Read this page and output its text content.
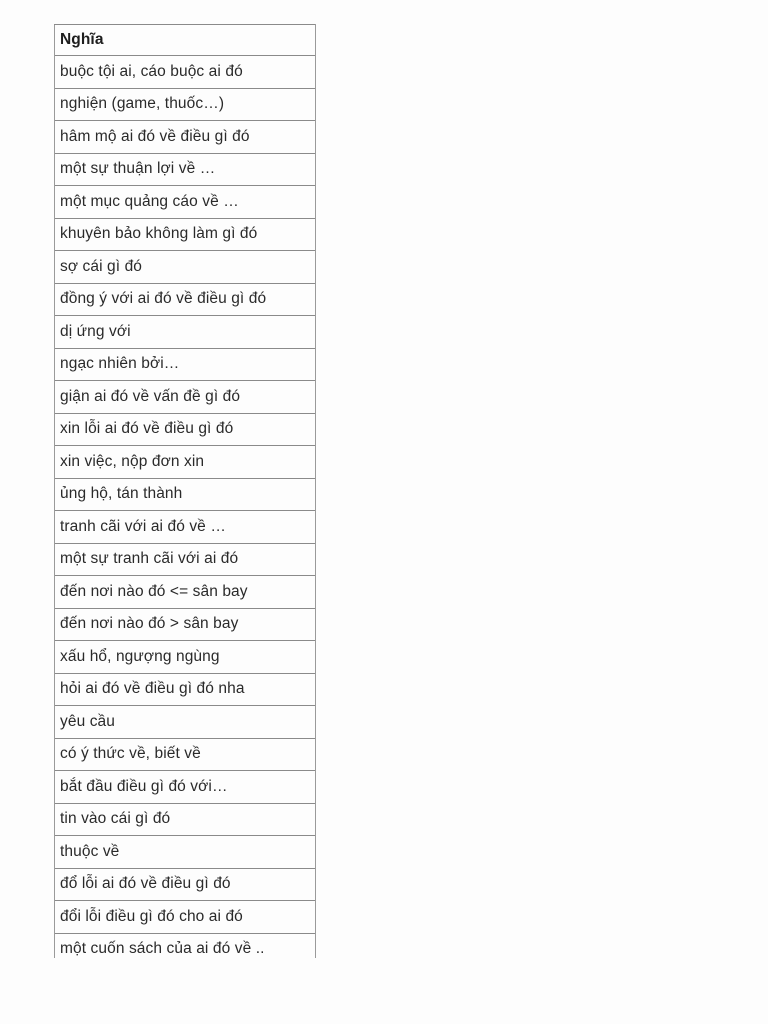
Nghĩa
buộc tội ai, cáo buộc ai đó
nghiện (game, thuốc…)
hâm mộ ai đó về điều gì đó
một sự thuận lợi về …
một mục quảng cáo về …
khuyên bảo không làm gì đó
sợ cái gì đó
đồng ý với ai đó về điều gì đó
dị ứng với
ngạc nhiên bởi…
giận ai đó về vấn đề gì đó
xin lỗi ai đó về điều gì đó
xin việc, nộp đơn xin
ủng hộ, tán thành
tranh cãi với ai đó về …
một sự tranh cãi với ai đó
đến nơi nào đó <= sân bay
đến nơi nào đó > sân bay
xấu hổ, ngượng ngùng
hỏi ai đó về điều gì đó nha
yêu cầu
có ý thức về, biết về
bắt đầu điều gì đó với…
tin vào cái gì đó
thuộc về
đổ lỗi ai đó về điều gì đó
đổi lỗi điều gì đó cho ai đó
một cuốn sách của ai đó về ..
